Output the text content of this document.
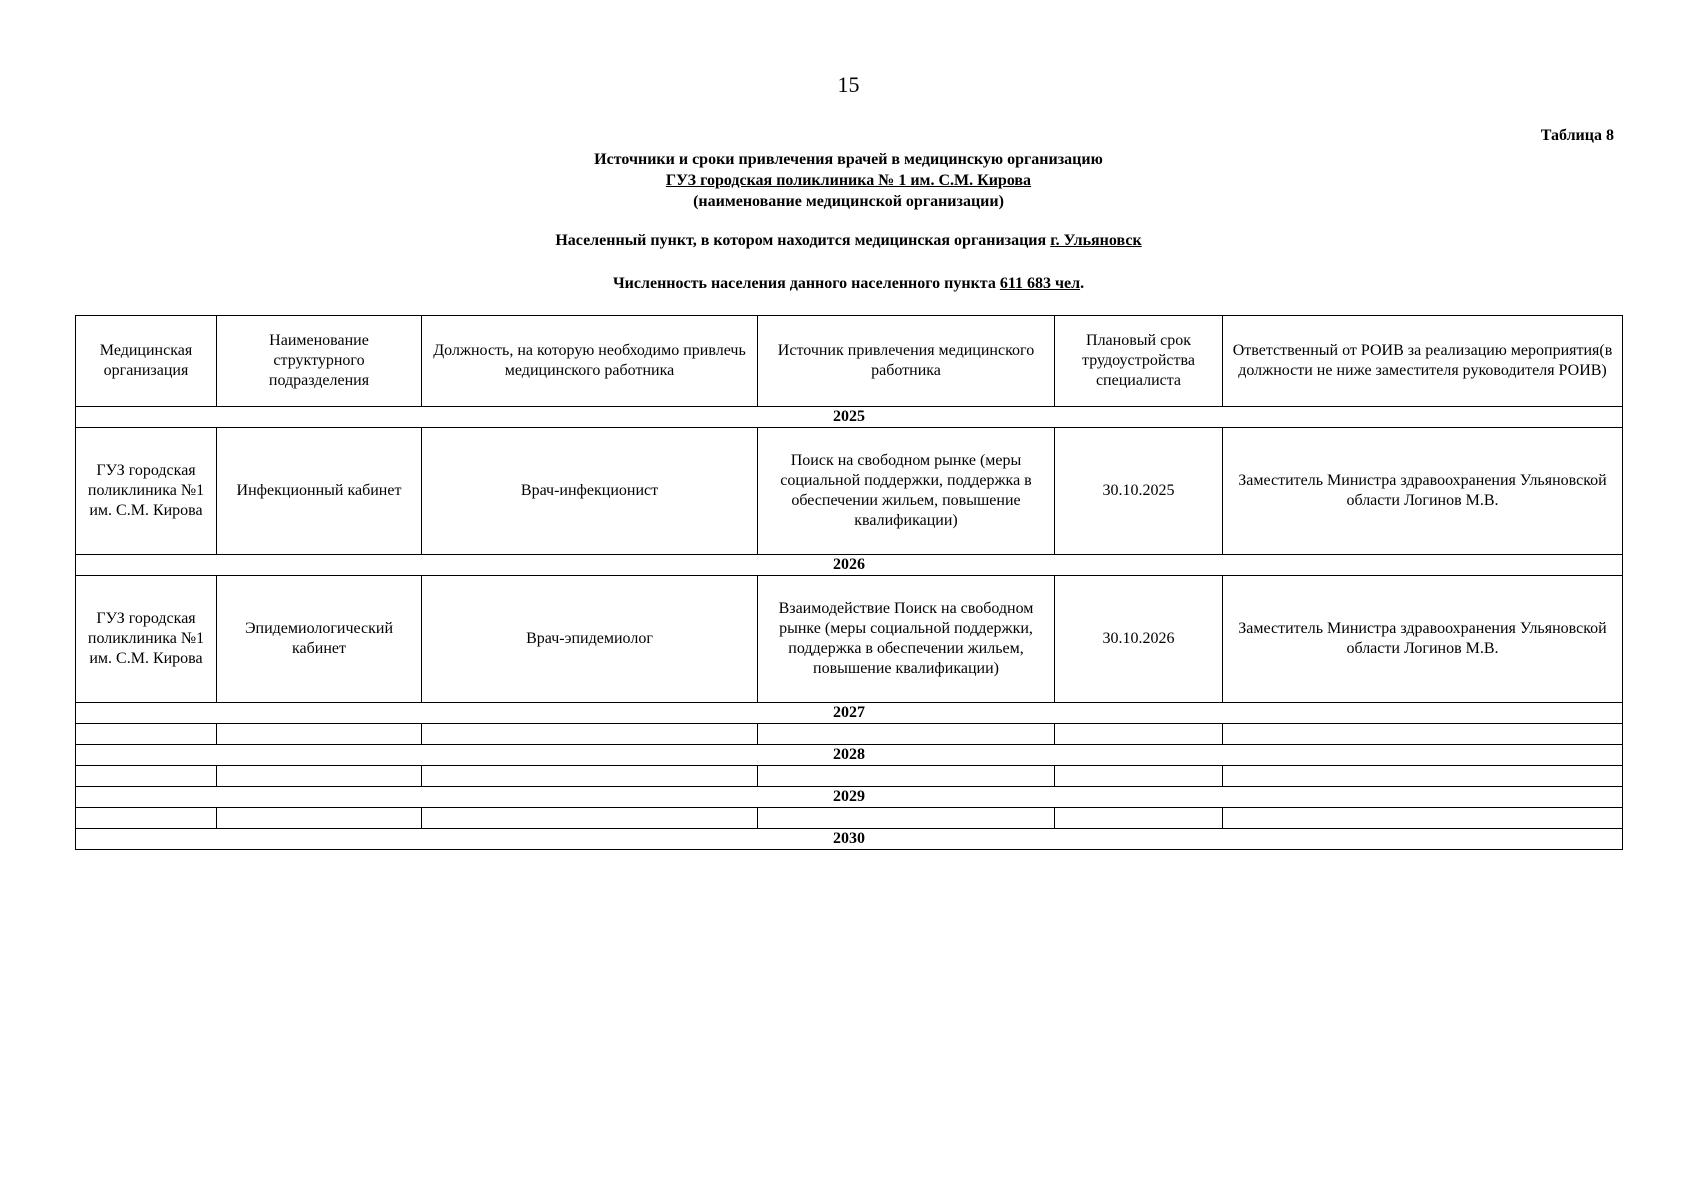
15
Таблица 8
Источники и сроки привлечения врачей в медицинскую организацию
ГУЗ городская поликлиника № 1 им. С.М. Кирова
(наименование медицинской организации)
Населенный пункт, в котором находится медицинская организация г. Ульяновск
Численность населения данного населенного пункта 611 683 чел.
Медицинская организация	Наименование структурного подразделения	Должность, на которую необходимо привлечь медицинского работника	Источник привлечения медицинского работника	Плановый срок трудоустройства специалиста	Ответственный от РОИВ за реализацию мероприятия(в должности не ниже заместителя руководителя РОИВ)
2025					
ГУЗ городская поликлиника №1 им. С.М. Кирова	Инфекционный кабинет	Врач-инфекционист	Поиск на свободном рынке (меры социальной поддержки, поддержка в обеспечении жильем, повышение квалификации)	30.10.2025	Заместитель Министра здравоохранения Ульяновской области Логинов М.В.
2026					
ГУЗ городская поликлиника №1 им. С.М. Кирова	Эпидемиологический кабинет	Врач-эпидемиолог	Взаимодействие Поиск на свободном рынке (меры социальной поддержки, поддержка в обеспечении жильем, повышение квалификации)	30.10.2026	Заместитель Министра здравоохранения Ульяновской области Логинов М.В.
2027					

2028					

2029					

2030					
